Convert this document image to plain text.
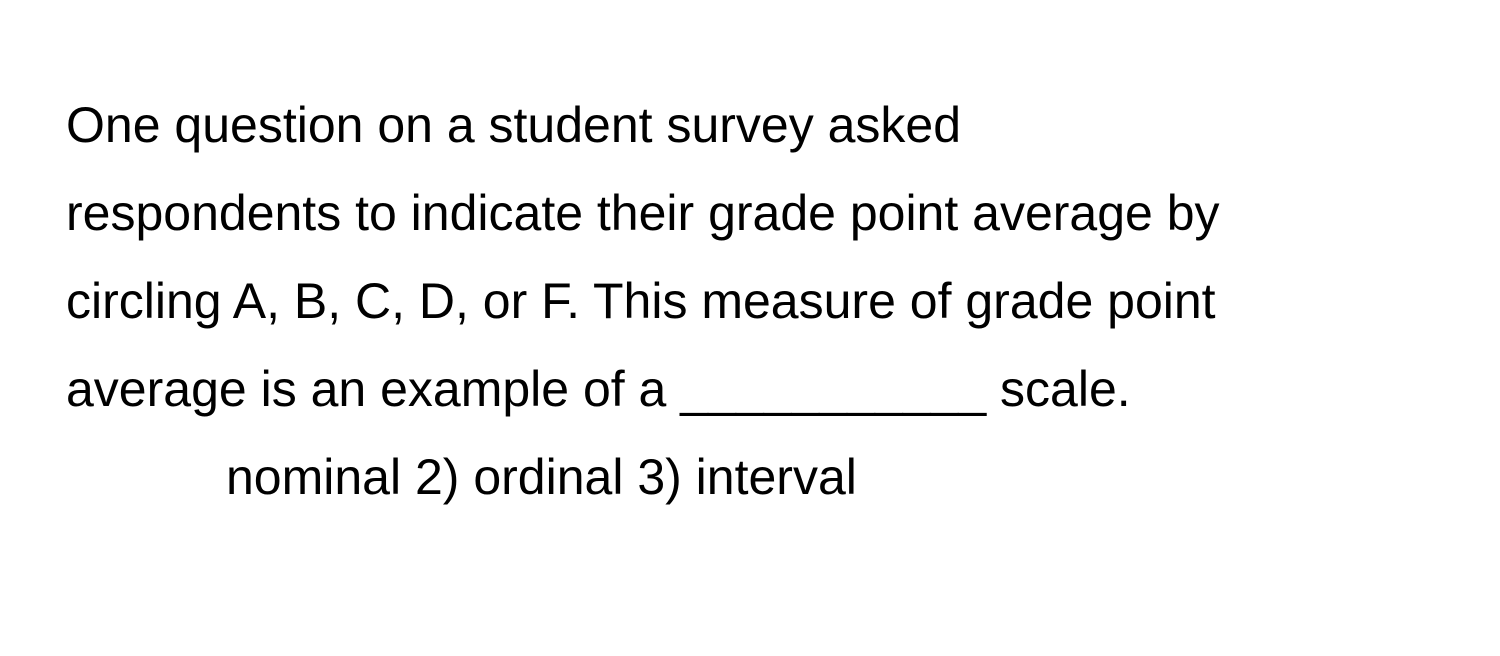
One question on a student survey asked
respondents to indicate their grade point average by
circling A, B, C, D, or F. This measure of grade point
average is an example of a ___________ scale.
nominal 2) ordinal 3) interval
